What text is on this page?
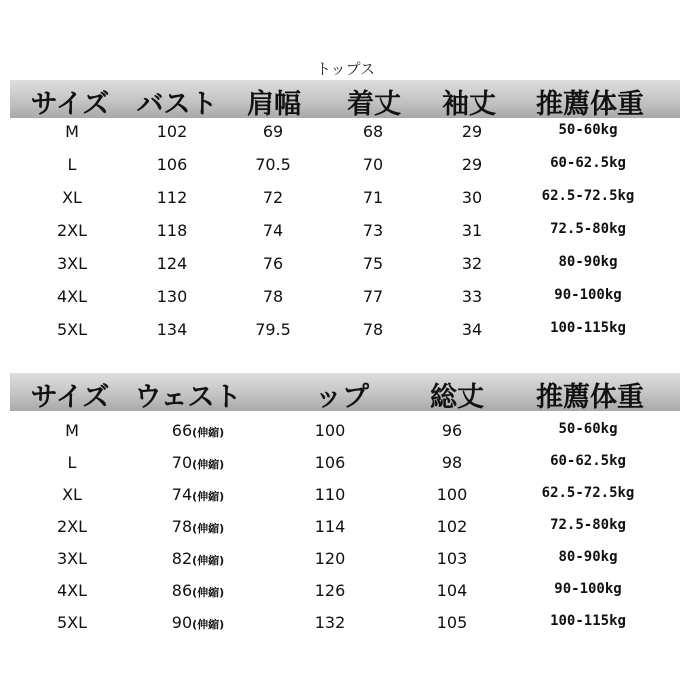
トップス
サイズ バスト 肩幅 着丈 袖丈 推薦体重
M	102	69	68	29	50-60kg
L	106	70.5	70	29	60-62.5kg
XL	112	72	71	30	62.5-72.5kg
2XL	118	74	73	31	72.5-80kg
3XL	124	76	75	32	80-90kg
4XL	130	78	77	33	90-100kg
5XL	134	79.5	78	34	100-115kg
サイズ ウェスト	ップ 総丈 推薦体重
M	66(伸縮)	100	96	50-60kg
L	70(伸縮)	106	98	60-62.5kg
XL	74(伸縮)	110	100	62.5-72.5kg
2XL	78(伸縮)	114	102	72.5-80kg
3XL	82(伸縮)	120	103	80-90kg
4XL	86(伸縮)	126	104	90-100kg
5XL	90(伸縮)	132	105	100-115kg
